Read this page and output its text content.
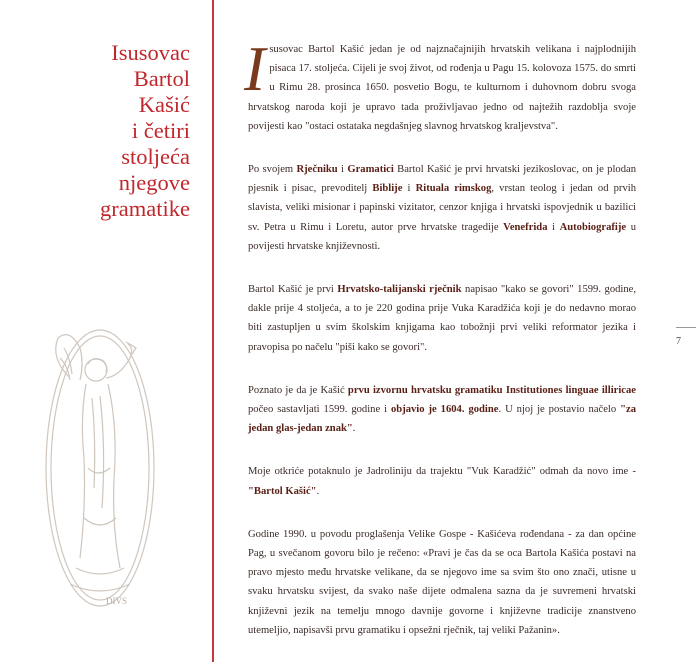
Isusovac
Bartol
Kašić
i četiri
stoljeća
njegove
gramatike
DIVS

Isusovac Bartol Kašić jedan je od najznačajnijih hrvatskih velikana i najplodnijih pisaca 17. stoljeća. Cijeli je svoj život, od rođenja u Pagu 15. kolovoza 1575. do smrti u Rimu 28. prosinca 1650. posvetio Bogu, te kulturnom i duhovnom dobru svoga hrvatskog naroda koji je upravo tada proživljavao jedno od najtežih razdoblja svoje povijesti kao "ostaci ostataka negdašnjeg slavnog hrvatskog kraljevstva".

Po svojem Rječniku i Gramatici Bartol Kašić je prvi hrvatski jezikoslovac, on je plodan pjesnik i pisac, prevoditelj Biblije i Rituala rimskog, vrstan teolog i jedan od prvih slavista, veliki misionar i papinski vizitator, cenzor knjiga i hrvatski ispovjednik u bazilici sv. Petra u Rimu i Loretu, autor prve hrvatske tragedije Venefrida i Autobiografije u povijesti hrvatske književnosti.

Bartol Kašić je prvi Hrvatsko-talijanski rječnik napisao "kako se govori" 1599. godine, dakle prije 4 stoljeća, a to je 220 godina prije Vuka Karadžića koji je do nedavno morao biti zastupljen u svim školskim knjigama kao tobožnji prvi veliki reformator jezika i pravopisa po načelu "piši kako se govori".

Poznato je da je Kašić prvu izvornu hrvatsku gramatiku Institutiones linguae illiricae počeo sastavljati 1599. godine i objavio je 1604. godine. U njoj je postavio načelo "za jedan glas-jedan znak".

Moje otkriće potaknulo je Jadroliniju da trajektu "Vuk Karadžić" odmah da novo ime - "Bartol Kašić".

Godine 1990. u povodu proglašenja Velike Gospe - Kašićeva rođendana - za dan općine Pag, u svečanom govoru bilo je rečeno: «Pravi je čas da se oca Bartola Kašića postavi na pravo mjesto među hrvatske velikane, da se njegovo ime sa svim što ono znači, utisne u svaku hrvatsku svijest, da svako naše dijete odmalena sazna da je suvremeni hrvatski književni jezik na temelju mnogo davnije govorne i književne tradicije znanstveno utemeljio, napisavši prvu gramatiku i opsežni rječnik, taj veliki Pažanin».

7
